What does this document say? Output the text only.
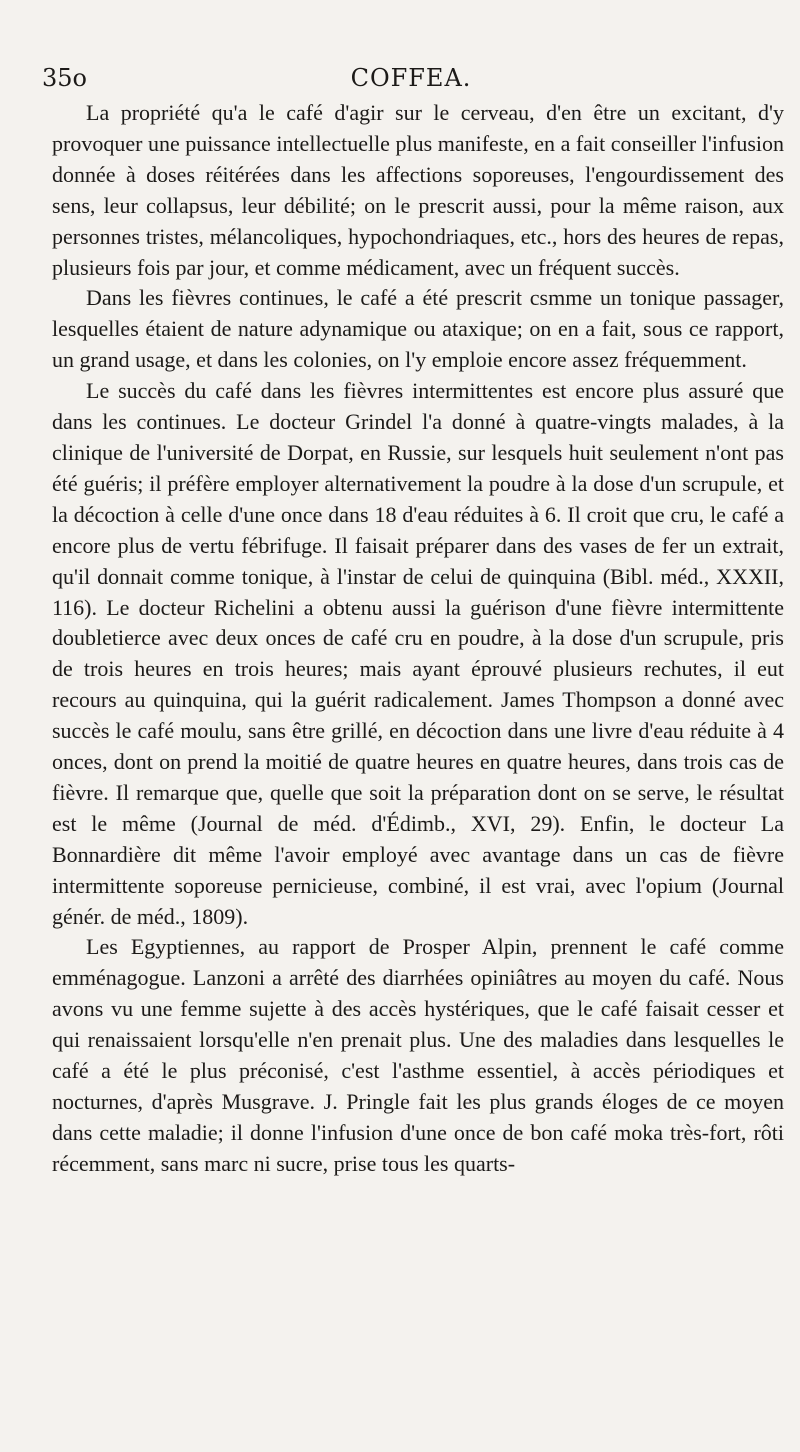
35o	COFFEA.

La propriété qu'a le café d'agir sur le cerveau, d'en être un excitant, d'y provoquer une puissance intellectuelle plus manifeste, en a fait conseiller l'infusion donnée à doses réitérées dans les affections soporeuses, l'engourdissement des sens, leur collapsus, leur débilité; on le prescrit aussi, pour la même raison, aux personnes tristes, mélancoliques, hypochondriaques, etc., hors des heures de repas, plusieurs fois par jour, et comme médicament, avec un fréquent succès.

Dans les fièvres continues, le café a été prescrit csmme un tonique passager, lesquelles étaient de nature adynamique ou ataxique; on en a fait, sous ce rapport, un grand usage, et dans les colonies, on l'y emploie encore assez fréquemment.

Le succès du café dans les fièvres intermittentes est encore plus assuré que dans les continues. Le docteur Grindel l'a donné à quatre-vingts malades, à la clinique de l'université de Dorpat, en Russie, sur lesquels huit seulement n'ont pas été guéris; il préfère employer alternativement la poudre à la dose d'un scrupule, et la décoction à celle d'une once dans 18 d'eau réduites à 6. Il croit que cru, le café a encore plus de vertu fébrifuge. Il faisait préparer dans des vases de fer un extrait, qu'il donnait comme tonique, à l'instar de celui de quinquina (Bibl. méd., XXXII, 116). Le docteur Richelini a obtenu aussi la guérison d'une fièvre intermittente doubletierce avec deux onces de café cru en poudre, à la dose d'un scrupule, pris de trois heures en trois heures; mais ayant éprouvé plusieurs rechutes, il eut recours au quinquina, qui la guérit radicalement. James Thompson a donné avec succès le café moulu, sans être grillé, en décoction dans une livre d'eau réduite à 4 onces, dont on prend la moitié de quatre heures en quatre heures, dans trois cas de fièvre. Il remarque que, quelle que soit la préparation dont on se serve, le résultat est le même (Journal de méd. d'Édimb., XVI, 29). Enfin, le docteur La Bonnardière dit même l'avoir employé avec avantage dans un cas de fièvre intermittente soporeuse pernicieuse, combiné, il est vrai, avec l'opium (Journal génér. de méd., 1809).

Les Egyptiennes, au rapport de Prosper Alpin, prennent le café comme emménagogue. Lanzoni a arrêté des diarrhées opiniâtres au moyen du café. Nous avons vu une femme sujette à des accès hystériques, que le café faisait cesser et qui renaissaient lorsqu'elle n'en prenait plus. Une des maladies dans lesquelles le café a été le plus préconisé, c'est l'asthme essentiel, à accès périodiques et nocturnes, d'après Musgrave. J. Pringle fait les plus grands éloges de ce moyen dans cette maladie; il donne l'infusion d'une once de bon café moka très-fort, rôti récemment, sans marc ni sucre, prise tous les quarts-
